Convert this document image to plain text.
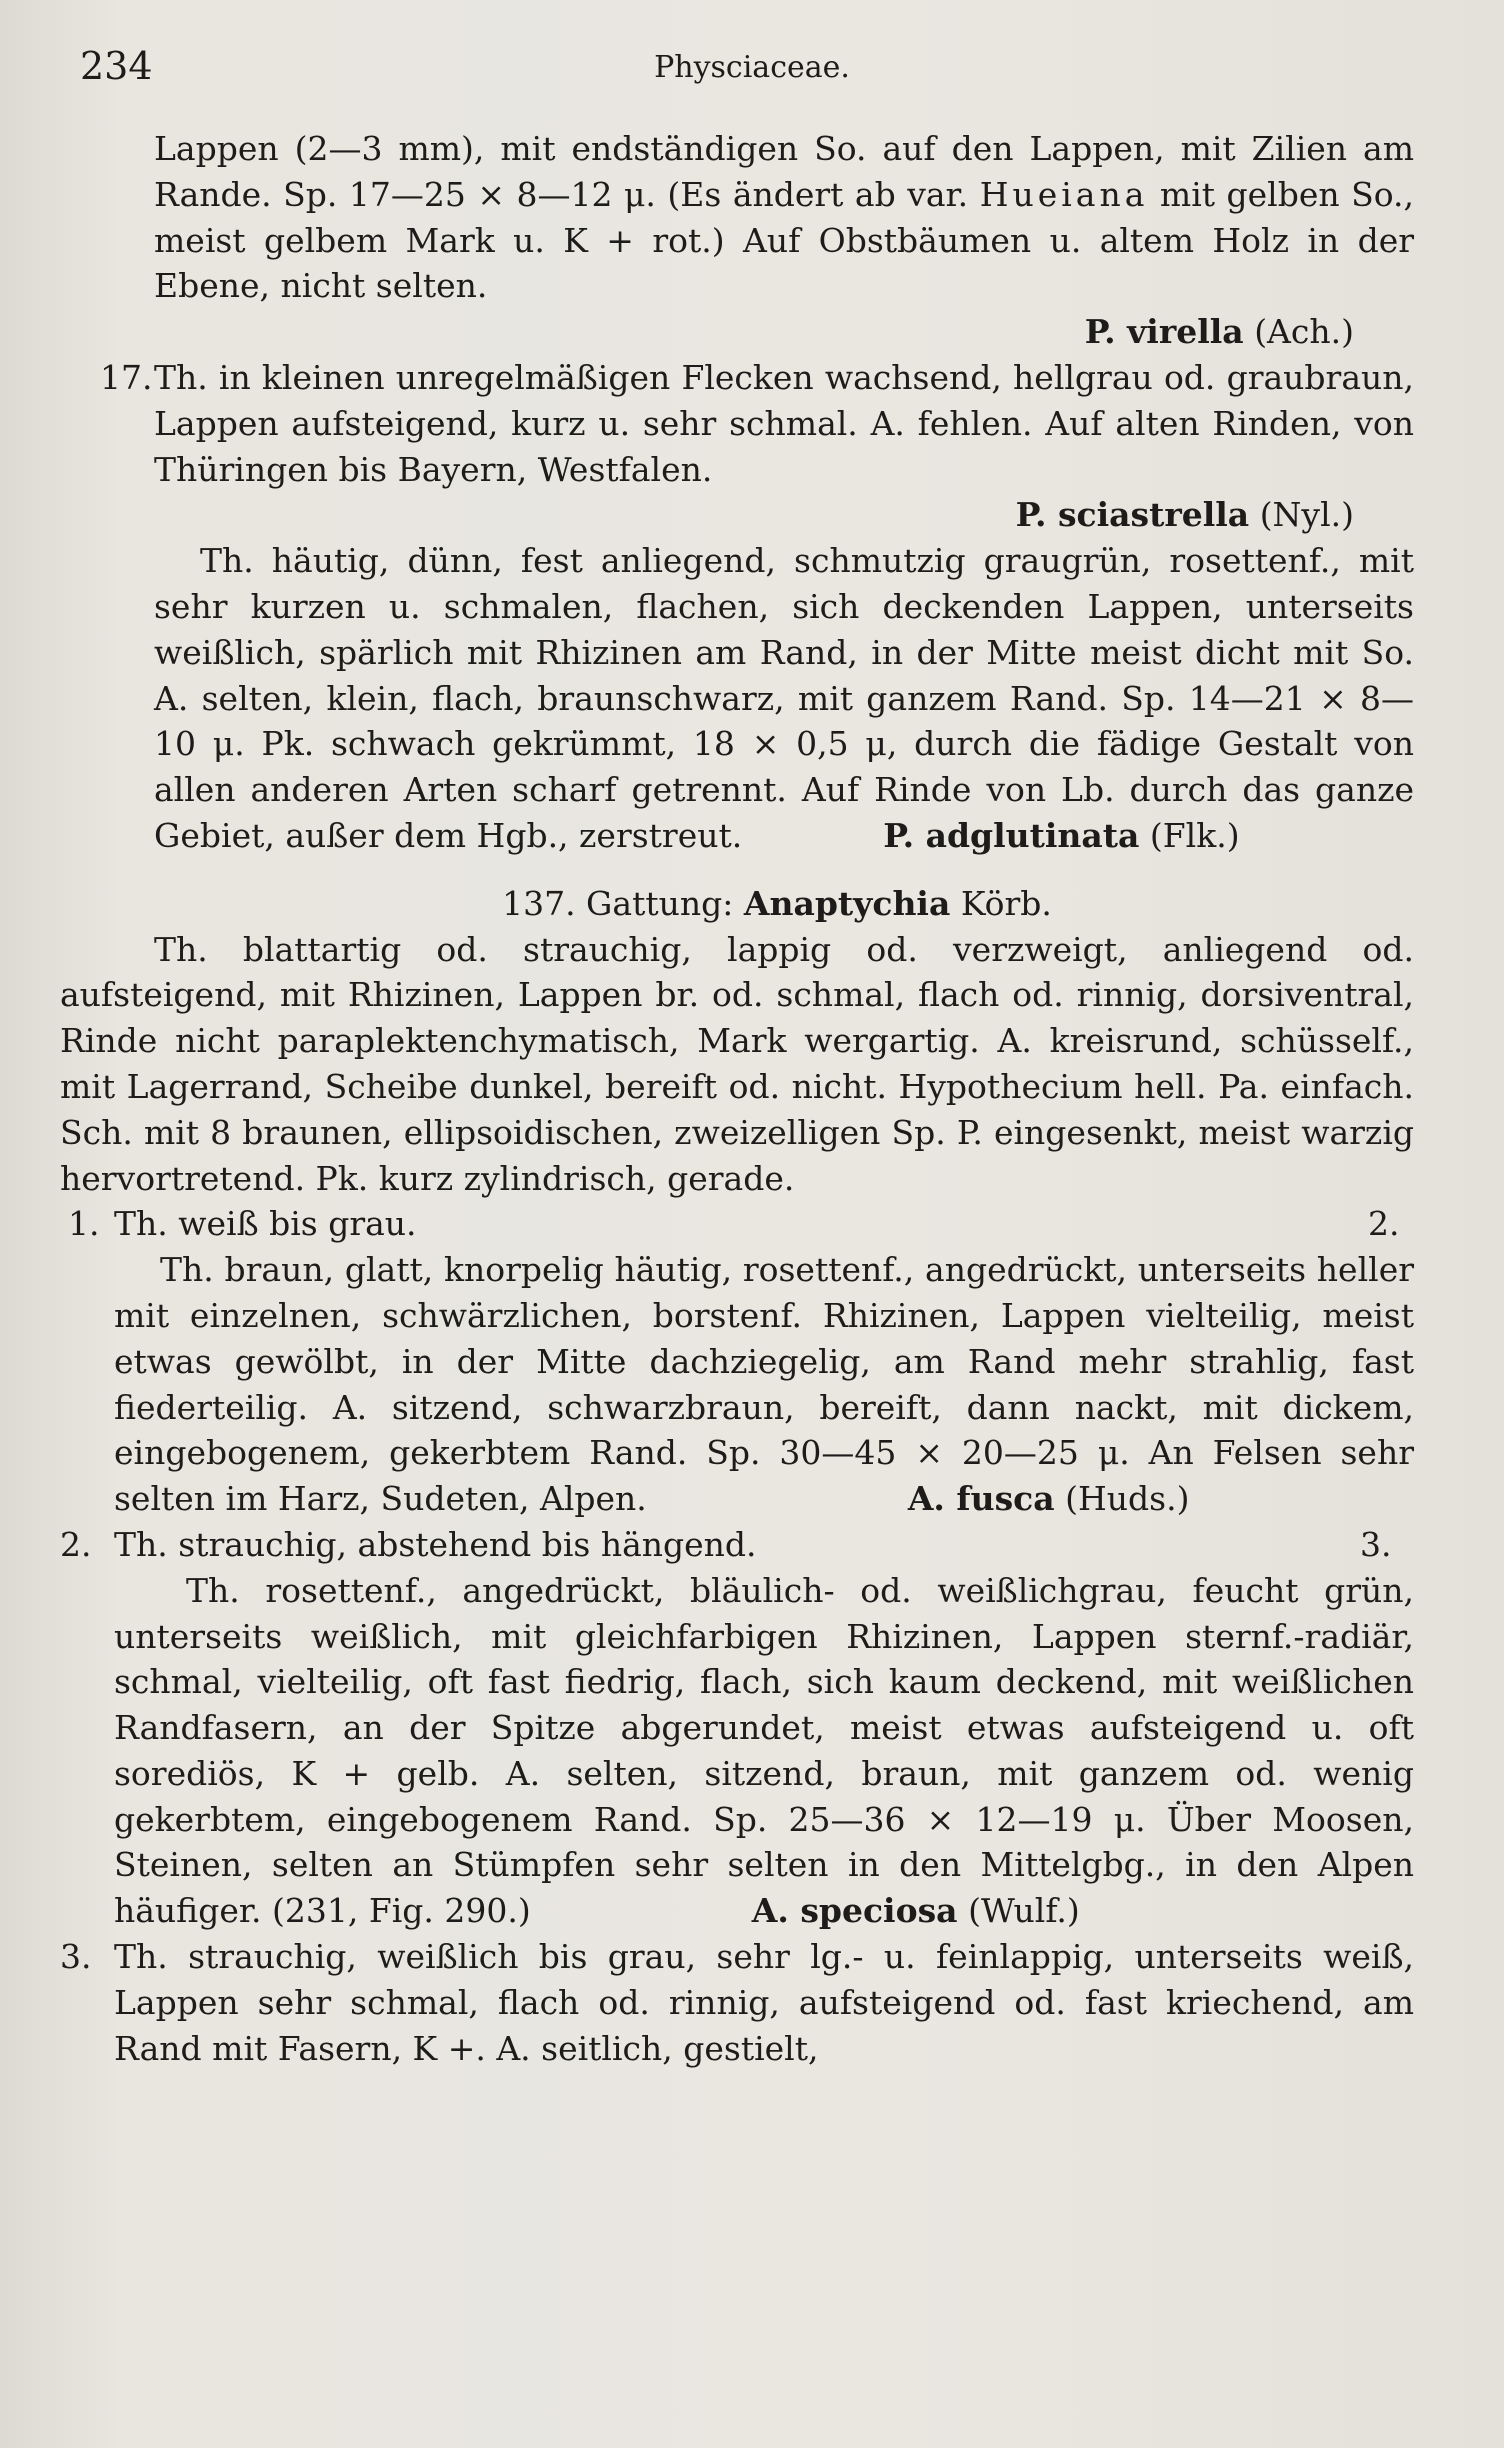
234	Physciaceae.

Lappen (2—3 mm), mit endständigen So. auf den Lappen, mit Zilien am Rande. Sp. 17—25 × 8—12 μ. (Es ändert ab var. Hueiana mit gelben So., meist gelbem Mark u. K + rot.) Auf Obstbäumen u. altem Holz in der Ebene, nicht selten.

P. virella (Ach.)

17.Th. in kleinen unregelmäßigen Flecken wachsend, hellgrau od. graubraun, Lappen aufsteigend, kurz u. sehr schmal. A. fehlen. Auf alten Rinden, von Thüringen bis Bayern, Westfalen.

P. sciastrella (Nyl.)

Th. häutig, dünn, fest anliegend, schmutzig graugrün, rosettenf., mit sehr kurzen u. schmalen, flachen, sich deckenden Lappen, unterseits weißlich, spärlich mit Rhizinen am Rand, in der Mitte meist dicht mit So. A. selten, klein, flach, braunschwarz, mit ganzem Rand. Sp. 14—21 × 8—10 μ. Pk. schwach gekrümmt, 18 × 0,5 μ, durch die fädige Gestalt von allen anderen Arten scharf getrennt. Auf Rinde von Lb. durch das ganze Gebiet, außer dem Hgb., zerstreut.	P. adglutinata (Flk.)

137. Gattung: Anaptychia Körb.

Th. blattartig od. strauchig, lappig od. verzweigt, anliegend od. aufsteigend, mit Rhizinen, Lappen br. od. schmal, flach od. rinnig, dorsiventral, Rinde nicht paraplektenchymatisch, Mark wergartig. A. kreisrund, schüsself., mit Lagerrand, Scheibe dunkel, bereift od. nicht. Hypothecium hell. Pa. einfach. Sch. mit 8 braunen, ellipsoidischen, zweizelligen Sp. P. eingesenkt, meist warzig hervortretend. Pk. kurz zylindrisch, gerade.

1. Th. weiß bis grau.	2.

Th. braun, glatt, knorpelig häutig, rosettenf., angedrückt, unterseits heller mit einzelnen, schwärzlichen, borstenf. Rhizinen, Lappen vielteilig, meist etwas gewölbt, in der Mitte dachziegelig, am Rand mehr strahlig, fast fiederteilig. A. sitzend, schwarzbraun, bereift, dann nackt, mit dickem, eingebogenem, gekerbtem Rand. Sp. 30—45 × 20—25 μ. An Felsen sehr selten im Harz, Sudeten, Alpen.	A. fusca (Huds.)

2. Th. strauchig, abstehend bis hängend.	3.

Th. rosettenf., angedrückt, bläulich- od. weißlichgrau, feucht grün, unterseits weißlich, mit gleichfarbigen Rhizinen, Lappen sternf.-radiär, schmal, vielteilig, oft fast fiedrig, flach, sich kaum deckend, mit weißlichen Randfasern, an der Spitze abgerundet, meist etwas aufsteigend u. oft sorediös, K + gelb. A. selten, sitzend, braun, mit ganzem od. wenig gekerbtem, eingebogenem Rand. Sp. 25—36 × 12—19 μ. Über Moosen, Steinen, selten an Stümpfen sehr selten in den Mittelgbg., in den Alpen häufiger. (231, Fig. 290.)	A. speciosa (Wulf.)

3. Th. strauchig, weißlich bis grau, sehr lg.- u. feinlappig, unterseits weiß, Lappen sehr schmal, flach od. rinnig, aufsteigend od. fast kriechend, am Rand mit Fasern, K +. A. seitlich, gestielt,
